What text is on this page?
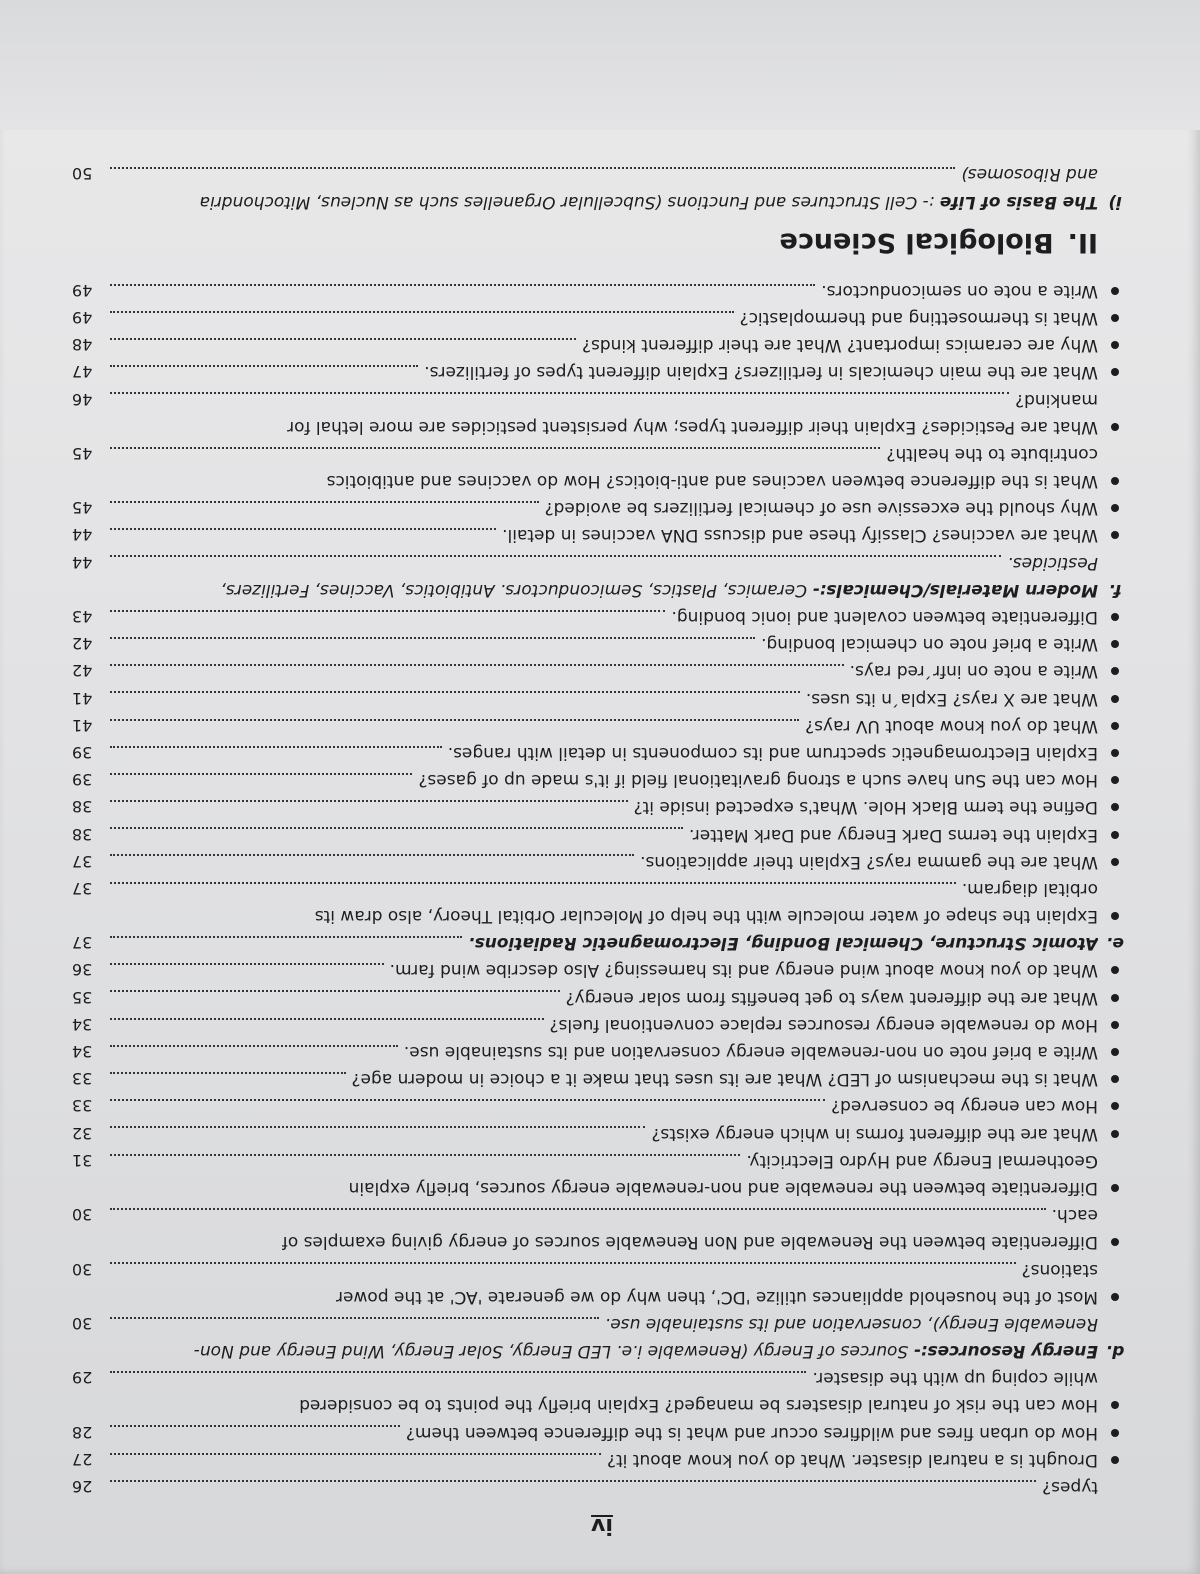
iv
types?
26
Drought is a natural disaster. What do you know about it?
27
How do urban fires and wildfires occur and what is the difference between them?
28
How can the risk of natural disasters be managed? Explain briefly the points to be considered
while coping up with the disaster.
29
d.
Energy Resources:- Sources of Energy (Renewable i.e. LED Energy, Solar Energy, Wind Energy and Non-
Renewable Energy), conservation and its sustainable use.
30
Most of the household appliances utilize 'DC', then why do we generate 'AC' at the power
stations?
30
Differentiate between the Renewable and Non Renewable sources of energy giving examples of
each.
30
Differentiate between the renewable and non-renewable energy sources, briefly explain
Geothermal Energy and Hydro Electricity.
31
What are the different forms in which energy exists?
32
How can energy be conserved?
33
What is the mechanism of LED? What are its uses that make it a choice in modern age?
33
Write a brief note on non-renewable energy conservation and its sustainable use.
34
How do renewable energy resources replace conventional fuels?
34
What are the different ways to get benefits from solar energy?
35
What do you know about wind energy and its harnessing? Also describe wind farm.
36
e.
Atomic Structure, Chemical Bonding, Electromagnetic Radiations.
37
Explain the shape of water molecule with the help of Molecular Orbital Theory, also draw its
orbital diagram.
37
What are the gamma rays? Explain their applications.
37
Explain the terms Dark Energy and Dark Matter.
38
Define the term Black Hole. What's expected inside it?
38
How can the Sun have such a strong gravitational field if it's made up of gases?
39
Explain Electromagnetic spectrum and its components in detail with ranges.
39
What do you know about UV rays?
41
What are X rays? Expla´n its uses.
41
Write a note on infr´red rays.
42
Write a brief note on chemical bonding.
42
Differentiate between covalent and ionic bonding.
43
f.
Modern Materials/Chemicals:- Ceramics, Plastics, Semiconductors. Antibiotics, Vaccines, Fertilizers,
Pesticides.
44
What are vaccines? Classify these and discuss DNA vaccines in detail.
44
Why should the excessive use of chemical fertilizers be avoided?
45
What is the difference between vaccines and anti-biotics? How do vaccines and antibiotics
contribute to the health?
45
What are Pesticides? Explain their different types; why persistent pesticides are more lethal for
mankind?
46
What are the main chemicals in fertilizers? Explain different types of fertilizers.
47
Why are ceramics important? What are their different kinds?
48
What is thermosetting and thermoplastic?
49
Write a note on semiconductors.
49
II.Biological Science
i)
The Basis of Life :- Cell Structures and Functions (Subcellular Organelles such as Nucleus, Mitochondria
and Ribosomes)
50
